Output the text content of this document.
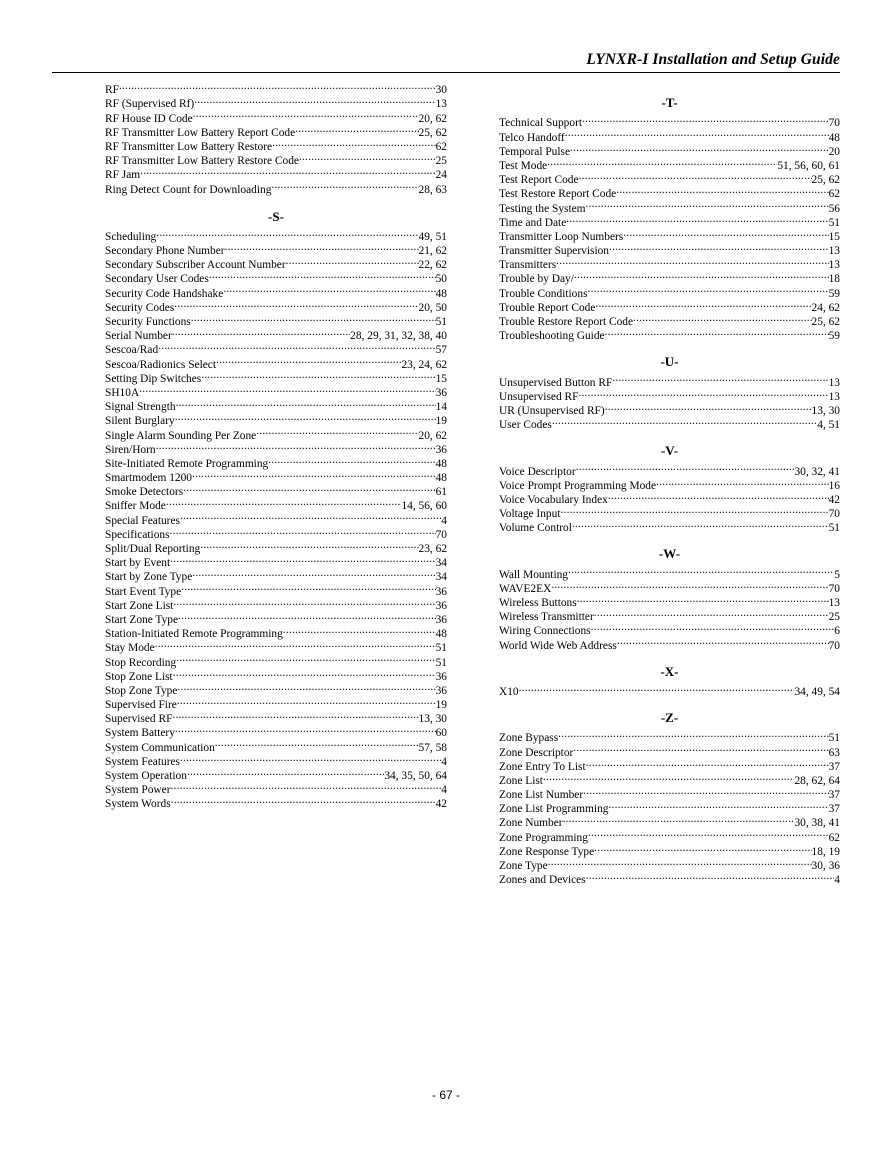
LYNXR-I Installation and Setup Guide
RF .....	30
RF (Supervised Rf) .....	13
RF House ID Code .....	20, 62
RF Transmitter Low Battery Report Code .....	25, 62
RF Transmitter Low Battery Restore .....	62
RF Transmitter Low Battery Restore Code .....	25
RF Jam .....	24
Ring Detect Count for Downloading .....	28, 63
-S-
Scheduling .....	49, 51
Secondary Phone Number .....	21, 62
Secondary Subscriber Account Number .....	22, 62
Secondary User Codes .....	50
Security Code Handshake .....	48
Security Codes .....	20, 50
Security Functions .....	51
Serial Number .....	28, 29, 31, 32, 38, 40
Sescoa/Rad .....	57
Sescoa/Radionics Select .....	23, 24, 62
Setting Dip Switches .....	15
SH10A .....	36
Signal Strength .....	14
Silent Burglary .....	19
Single Alarm Sounding Per Zone .....	20, 62
Siren/Horn .....	36
Site-Initiated Remote Programming .....	48
Smartmodem 1200 .....	48
Smoke Detectors .....	61
Sniffer Mode .....	14, 56, 60
Special Features .....	4
Specifications .....	70
Split/Dual Reporting .....	23, 62
Start by Event .....	34
Start by Zone Type .....	34
Start Event Type .....	36
Start Zone List .....	36
Start Zone Type .....	36
Station-Initiated Remote Programming .....	48
Stay Mode .....	51
Stop Recording .....	51
Stop Zone List .....	36
Stop Zone Type .....	36
Supervised Fire .....	19
Supervised RF .....	13, 30
System Battery .....	60
System Communication .....	57, 58
System Features .....	4
System Operation .....	34, 35, 50, 64
System Power .....	4
System Words .....	42
-T-
Technical Support .....	70
Telco Handoff .....	48
Temporal Pulse .....	20
Test Mode .....	51, 56, 60, 61
Test Report Code .....	25, 62
Test Restore Report Code .....	62
Testing the System .....	56
Time and Date .....	51
Transmitter Loop Numbers .....	15
Transmitter Supervision .....	13
Transmitters .....	13
Trouble by Day/ .....	18
Trouble Conditions .....	59
Trouble Report Code .....	24, 62
Trouble Restore Report Code .....	25, 62
Troubleshooting Guide .....	59
-U-
Unsupervised Button RF .....	13
Unsupervised RF .....	13
UR (Unsupervised RF) .....	13, 30
User Codes .....	4, 51
-V-
Voice Descriptor .....	30, 32, 41
Voice Prompt Programming Mode .....	16
Voice Vocabulary Index .....	42
Voltage Input .....	70
Volume Control .....	51
-W-
Wall Mounting .....	5
WAVE2EX .....	70
Wireless Buttons .....	13
Wireless Transmitter .....	25
Wiring Connections .....	6
World Wide Web Address .....	70
-X-
X10 .....	34, 49, 54
-Z-
Zone Bypass .....	51
Zone Descriptor .....	63
Zone Entry To List .....	37
Zone List .....	28, 62, 64
Zone List Number .....	37
Zone List Programming .....	37
Zone Number .....	30, 38, 41
Zone Programming .....	62
Zone Response Type .....	18, 19
Zone Type .....	30, 36
Zones and Devices .....	4
- 67 -
